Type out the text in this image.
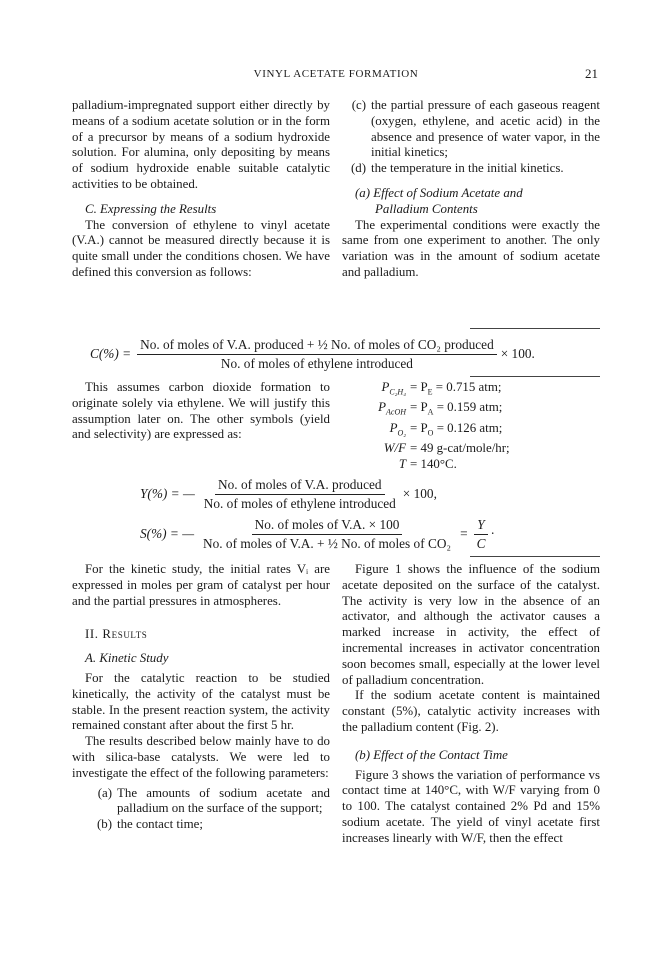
VINYL ACETATE FORMATION	21

palladium-impregnated support either directly by means of a sodium acetate solution or in the form of a precursor by means of a sodium hydroxide solution. For alumina, only depositing by means of sodium hydroxide enable suitable catalytic activities to be obtained.

C. Expressing the Results

The conversion of ethylene to vinyl acetate (V.A.) cannot be measured directly because it is quite small under the conditions chosen. We have defined this conversion as follows:

(c) the partial pressure of each gaseous reagent (oxygen, ethylene, and acetic acid) in the absence and presence of water vapor, in the initial kinetics;
(d) the temperature in the initial kinetics.

(a) Effect of Sodium Acetate and

Palladium Contents

The experimental conditions were exactly the same from one experiment to another. The only variation was in the amount of sodium acetate and palladium.

C(%) =
No. of moles of V.A. produced + ½ No. of moles of CO₂ produced
No. of moles of ethylene introduced
× 100.

This assumes carbon dioxide formation to originate solely via ethylene. We will justify this assumption later on. The other symbols (yield and selectivity) are expressed as:

$P_{C_2H_4} = P_E = 0.715$ atm;
$P_{AcOH} = P_A = 0.159$ atm;
$P_{O_2} = P_O = 0.126$ atm;
W/F = 49 g-cat/mole/hr;
T = 140°C.
Y(%) = — $\frac{\text{No. of moles of V.A. produced}}{\text{No. of moles of ethylene introduced}} \times 100$,
S(%) = — $\frac{\text{No. of moles of V.A. × 100}}{\text{No. of moles of V.A. + ½ No. of moles of CO₂}} = \frac{Y}{C}$ ·

For the kinetic study, the initial rates Vᵢ are expressed in moles per gram of catalyst per hour and the partial pressures in atmospheres.

II. Results

A. Kinetic Study

For the catalytic reaction to be studied kinetically, the activity of the catalyst must be stable. In the present reaction system, the activity remained constant after about the first 5 hr.

The results described below mainly have to do with silica-base catalysts. We were led to investigate the effect of the following parameters:

(a) The amounts of sodium acetate and palladium on the surface of the support;
(b) the contact time;

Figure 1 shows the influence of the sodium acetate deposited on the surface of the catalyst. The activity is very low in the absence of an activator, and although the activator causes a marked increase in activity, the effect of incremental increases in activator concentration soon becomes small, especially at the lower level of palladium concentration.

If the sodium acetate content is maintained constant (5%), catalytic activity increases with the palladium content (Fig. 2).

(b) Effect of the Contact Time

Figure 3 shows the variation of performance vs contact time at 140°C, with W/F varying from 0 to 100. The catalyst contained 2% Pd and 15% sodium acetate. The yield of vinyl acetate first increases linearly with W/F, then the effect
